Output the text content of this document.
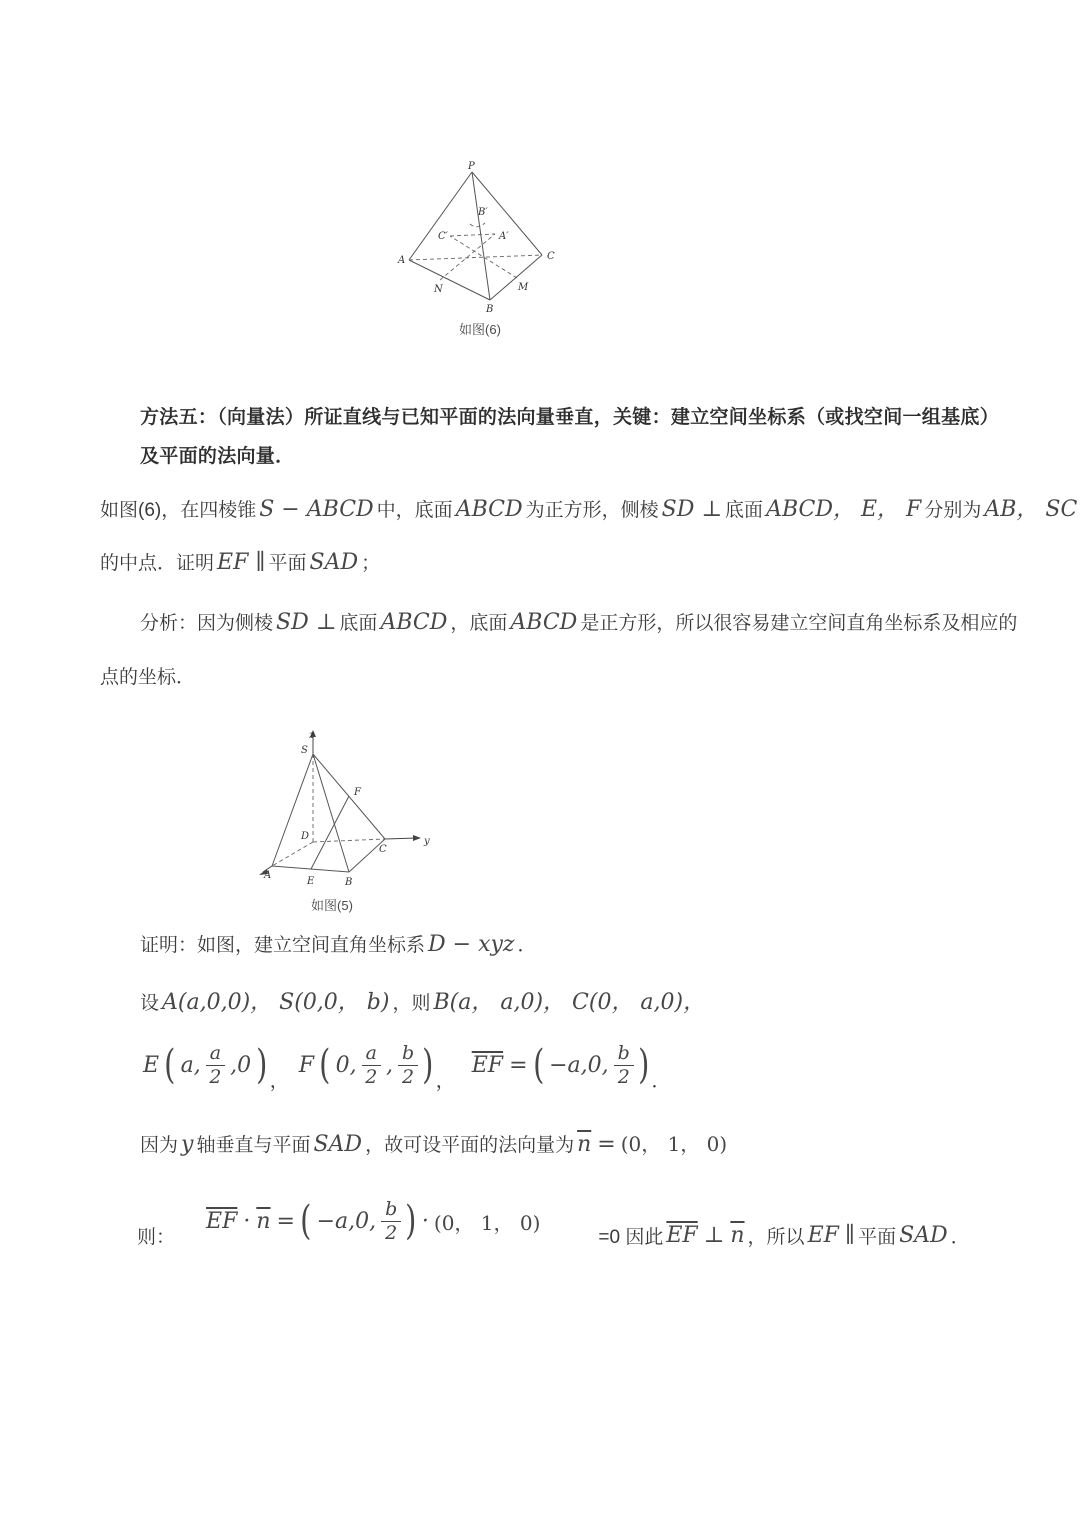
P
A	C
B
N	M
C′
B′
A′
如图(6)
方法五：（向量法）所证直线与已知平面的法向量垂直，关键：建立空间坐标系（或找空间一组基底）
及平面的法向量．
如图(6)，在四棱锥 S − ABCD 中，底面 ABCD 为正方形，侧棱 SD ⊥ 底面 ABCD， E， F 分别为 AB， SC
的中点．证明 EF ∥ 平面 SAD ；
分析：因为侧棱 SD ⊥ 底面 ABCD ，底面 ABCD 是正方形，所以很容易建立空间直角坐标系及相应的
点的坐标．
z
S
F
A
E	B
D
C
y
如图(5)
证明：如图，建立空间直角坐标系 D − xyz ．
设 A(a,0,0)， S(0,0， b) ，则 B(a， a,0)， C(0， a,0)，
E ( a, $\frac{a}{2} ,0$ ) ，
F ( 0, $\frac{a}{2}$ , $\frac{b}{2}$ ) ，
$\overline{EF}$ = ( −a,0, $\frac{b}{2}$ ) ．
因为 y 轴垂直与平面 SAD ，故可设平面的法向量为 $\overline{n} = (0$， 1， 0)
则：
$\overline{EF} \cdot \overline{n}$ = ( −a,0, $\frac{b}{2}$ ) · (0， 1， 0)
=0 因此 $\overline{EF}$ ⊥ $\overline{n}$ ，所以 EF ∥ 平面 SAD ．
